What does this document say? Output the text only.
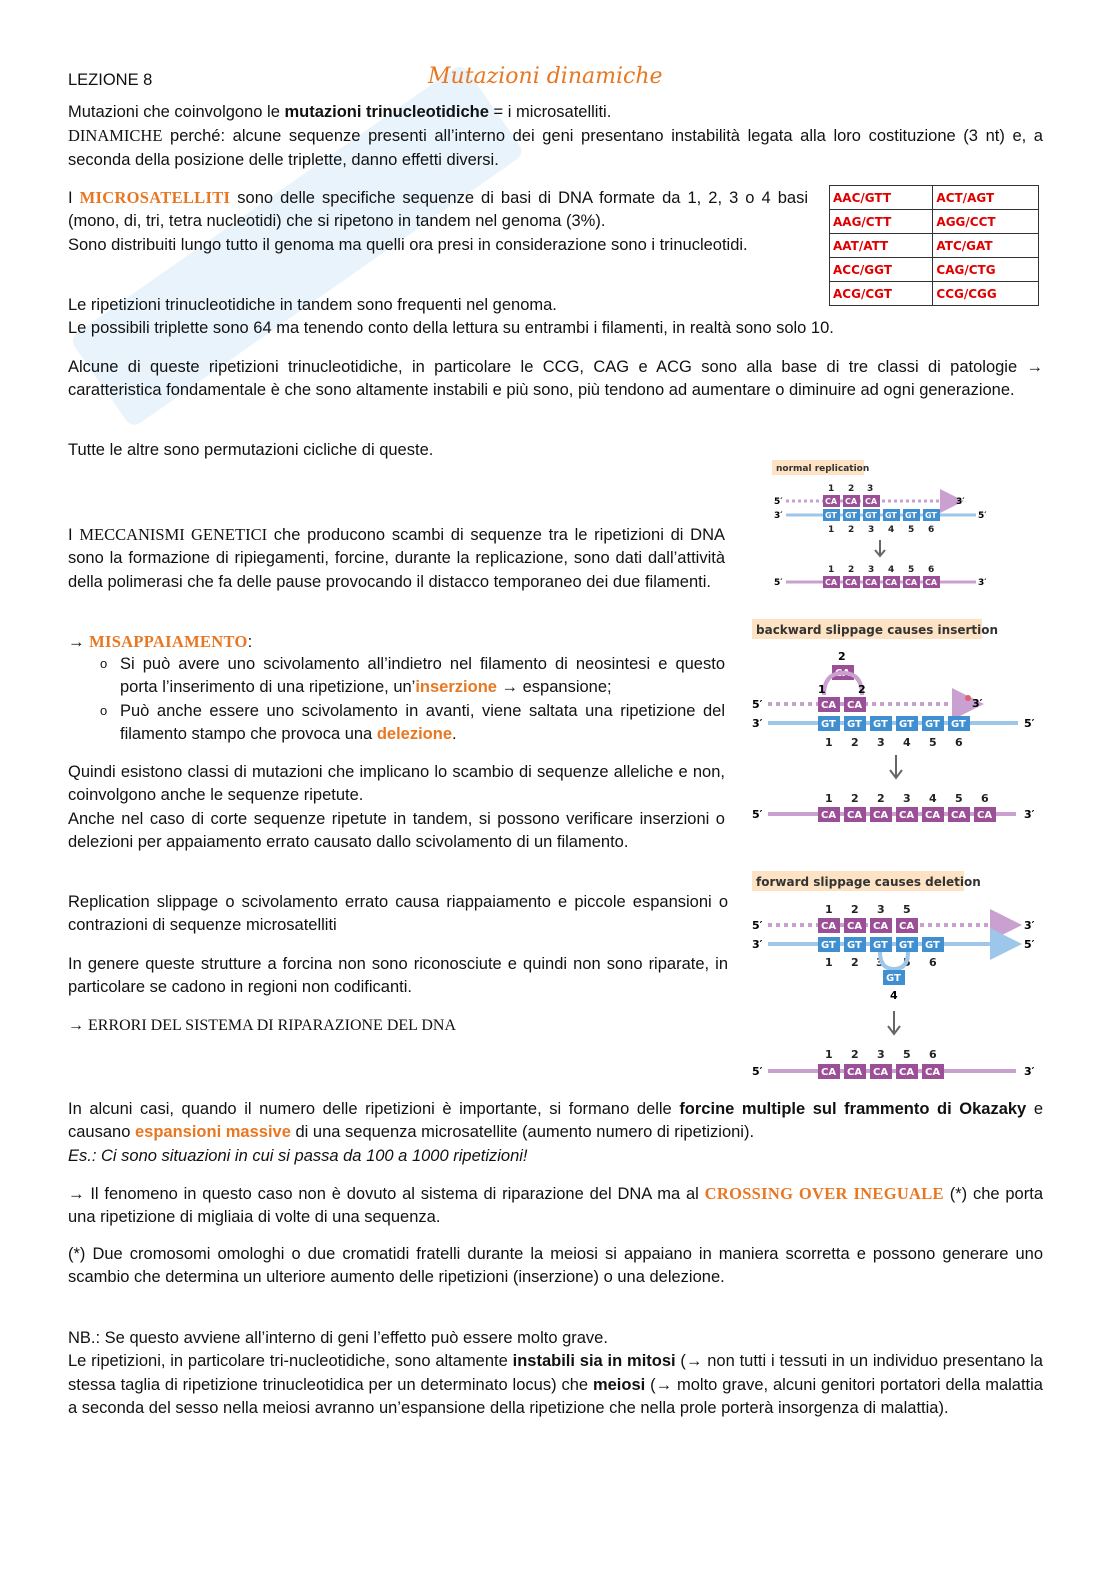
LEZIONE 8	Mutazioni dinamiche

Mutazioni che coinvolgono le mutazioni trinucleotidiche = i microsatelliti.
DINAMICHE perché: alcune sequenze presenti all’interno dei geni presentano instabilità legata alla loro costituzione (3 nt) e, a seconda della posizione delle triplette, danno effetti diversi.

I MICROSATELLITI sono delle specifiche sequenze di basi di DNA formate da 1, 2, 3 o 4 basi (mono, di, tri, tetra nucleotidi) che si ripetono in tandem nel genoma (3%).
Sono distribuiti lungo tutto il genoma ma quelli ora presi in considerazione sono i trinucleotidi.

AAC/GTT	ACT/AGT
AAG/CTT	AGG/CCT
AAT/ATT	ATC/GAT
ACC/GGT	CAG/CTG
ACG/CGT	CCG/CGG

Le ripetizioni trinucleotidiche in tandem sono frequenti nel genoma.
Le possibili triplette sono 64 ma tenendo conto della lettura su entrambi i filamenti, in realtà sono solo 10.

Alcune di queste ripetizioni trinucleotidiche, in particolare le CCG, CAG e ACG sono alla base di tre classi di patologie → caratteristica fondamentale è che sono altamente instabili e più sono, più tendono ad aumentare o diminuire ad ogni generazione.

Tutte le altre sono permutazioni cicliche di queste.

I MECCANISMI GENETICI che producono scambi di sequenze tra le ripetizioni di DNA sono la formazione di ripiegamenti, forcine, durante la replicazione, sono dati dall’attività della polimerasi che fa delle pause provocando il distacco temporaneo dei due filamenti.

→ MISAPPAIAMENTO:

o Si può avere uno scivolamento all’indietro nel filamento di neosintesi e questo porta l’inserimento di una ripetizione, un’inserzione → espansione;

o Può anche essere uno scivolamento in avanti, viene saltata una ripetizione del filamento stampo che provoca una delezione.

Quindi esistono classi di mutazioni che implicano lo scambio di sequenze alleliche e non, coinvolgono anche le sequenze ripetute.
Anche nel caso di corte sequenze ripetute in tandem, si possono verificare inserzioni o delezioni per appaiamento errato causato dallo scivolamento di un filamento.

Replication slippage o scivolamento errato causa riappaiamento e piccole espansioni o contrazioni di sequenze microsatelliti

In genere queste strutture a forcina non sono riconosciute e quindi non sono riparate, in particolare se cadono in regioni non codificanti.

→ ERRORI DEL SISTEMA DI RIPARAZIONE DEL DNA

In alcuni casi, quando il numero delle ripetizioni è importante, si formano delle forcine multiple sul frammento di Okazaky e causano espansioni massive di una sequenza microsatellite (aumento numero di ripetizioni).
Es.: Ci sono situazioni in cui si passa da 100 a 1000 ripetizioni!

→ Il fenomeno in questo caso non è dovuto al sistema di riparazione del DNA ma al CROSSING OVER INEGUALE (*) che porta una ripetizione di migliaia di volte di una sequenza.

(*) Due cromosomi omologhi o due cromatidi fratelli durante la meiosi si appaiano in maniera scorretta e possono generare uno scambio che determina un ulteriore aumento delle ripetizioni (inserzione) o una delezione.

NB.: Se questo avviene all’interno di geni l’effetto può essere molto grave.
Le ripetizioni, in particolare tri-nucleotidiche, sono altamente instabili sia in mitosi (→ non tutti i tessuti in un individuo presentano la stessa taglia di ripetizione trinucleotidica per un determinato locus) che meiosi (→ molto grave, alcuni genitori portatori della malattia a seconda del sesso nella meiosi avranno un’espansione della ripetizione che nella prole porterà insorgenza di malattia).

normal replication
1 2 3
5′	3′
CA CA CA
3′	5′
GT GT GT GT GT GT
1 2 3 4 5 6
1 2 3 4 5 6
5′	3′
CA CA CA CA CA CA
backward slippage causes insertion
2
CA
1	2
5′	3′
CA CA
3′	5′
GT GT GT GT GT GT
1 2 3 4 5 6
1 2 2 3 4 5 6
5′	3′
CA CA CA CA CA CA CA
forward slippage causes deletion
1 2 3 5
5′	3′
CA CA CA CA
3′	5′
GT GT GT GT GT
1 2 3 5 6
GT
4
1 2 3 5 6
5′	3′
CA CA CA CA CA
